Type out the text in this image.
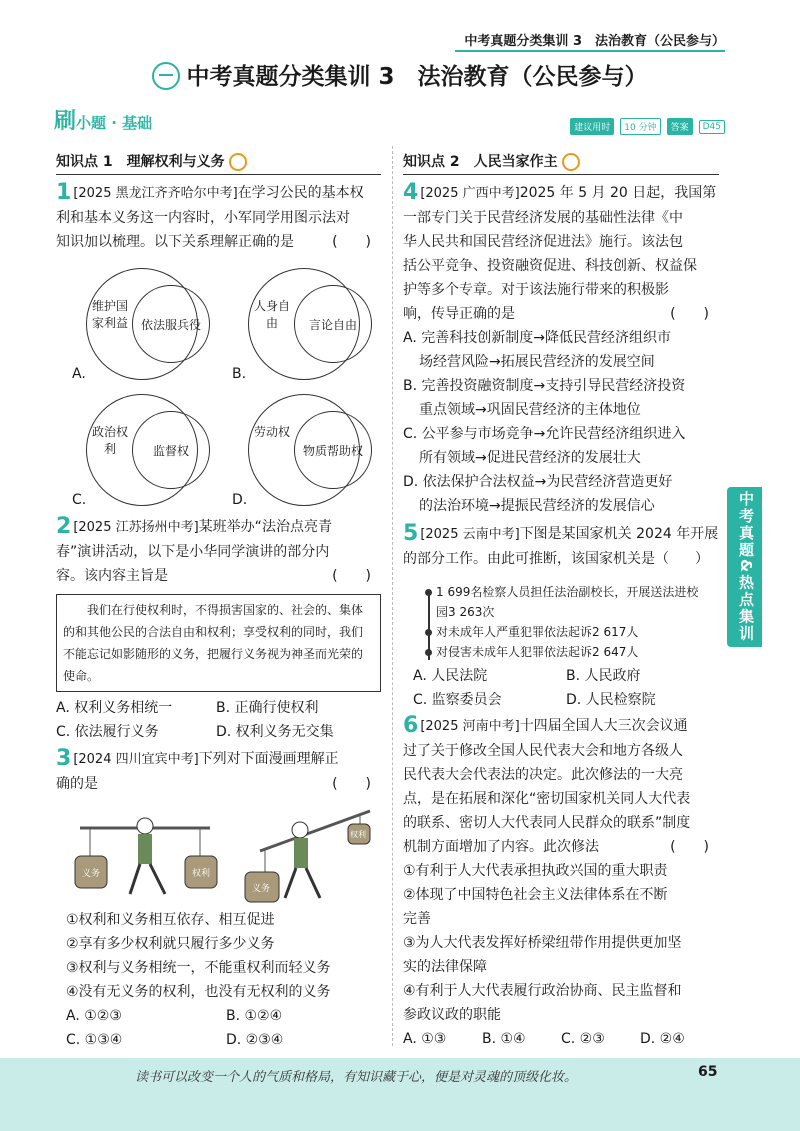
中考真题分类集训 3　法治教育（公民参与）
中考真题分类集训 3　法治教育（公民参与）
刷小题 · 基础	建议用时	10 分钟	答案	D45
知识点 1　理解权利与义务
1 [2025 黑龙江齐齐哈尔中考]在学习公民的基本权
利和基本义务这一内容时，小军同学用图示法对
知识加以梳理。以下关系理解正确的是	(　　)
维护国家利益	依法服兵役
A.
人身自由	言论自由
B.
政治权利	监督权
C.
劳动权
物质帮助权
D.
2 [2025 江苏扬州中考]某班举办“法治点亮青
春”演讲活动，以下是小华同学演讲的部分内
容。该内容主旨是	(　　)
我们在行使权利时，不得损害国家的、社会的、集体的和其他公民的合法自由和权利；享受权利的同时，我们不能忘记如影随形的义务，把履行义务视为神圣而光荣的使命。
A. 权利义务相统一	B. 正确行使权利
C. 依法履行义务	D. 权利义务无交集
3 [2024 四川宜宾中考]下列对下面漫画理解正
确的是	(　　)
义务	权利
义务
权利
①权利和义务相互依存、相互促进
②享有多少权利就只履行多少义务
③权利与义务相统一，不能重权利而轻义务
④没有无义务的权利，也没有无权利的义务
A. ①②③	B. ①②④
C. ①③④	D. ②③④
知识点 2　人民当家作主
4 [2025 广西中考]2025 年 5 月 20 日起，我国第
一部专门关于民营经济发展的基础性法律《中
华人民共和国民营经济促进法》施行。该法包
括公平竞争、投资融资促进、科技创新、权益保
护等多个专章。对于该法施行带来的积极影
响，传导正确的是	(　　)
A. 完善科技创新制度→降低民营经济组织市
场经营风险→拓展民营经济的发展空间
B. 完善投资融资制度→支持引导民营经济投资
重点领域→巩固民营经济的主体地位
C. 公平参与市场竞争→允许民营经济组织进入
所有领域→促进民营经济的发展壮大
D. 依法保护合法权益→为民营经济营造更好
的法治环境→提振民营经济的发展信心
5 [2025 云南中考]下图是某国家机关 2024 年开展
的部分工作。由此可推断，该国家机关是（ ）
1 699名检察人员担任法治副校长，开展送法进校园3 263次
对未成年人严重犯罪依法起诉2 617人
对侵害未成年人犯罪依法起诉2 647人
A. 人民法院	B. 人民政府
C. 监察委员会	D. 人民检察院
6 [2025 河南中考]十四届全国人大三次会议通
过了关于修改全国人民代表大会和地方各级人
民代表大会代表法的决定。此次修法的一大亮
点，是在拓展和深化“密切国家机关同人大代表
的联系、密切人大代表同人民群众的联系”制度
机制方面增加了内容。此次修法	(　　)
①有利于人大代表承担执政兴国的重大职责
②体现了中国特色社会主义法律体系在不断
完善
③为人大代表发挥好桥梁纽带作用提供更加坚
实的法律保障
④有利于人大代表履行政治协商、民主监督和
参政议政的职能
A. ①③	B. ①④	C. ②③	D. ②④
中考真题&热点集训
读书可以改变一个人的气质和格局，有知识藏于心，便是对灵魂的顶级化妆。	65
